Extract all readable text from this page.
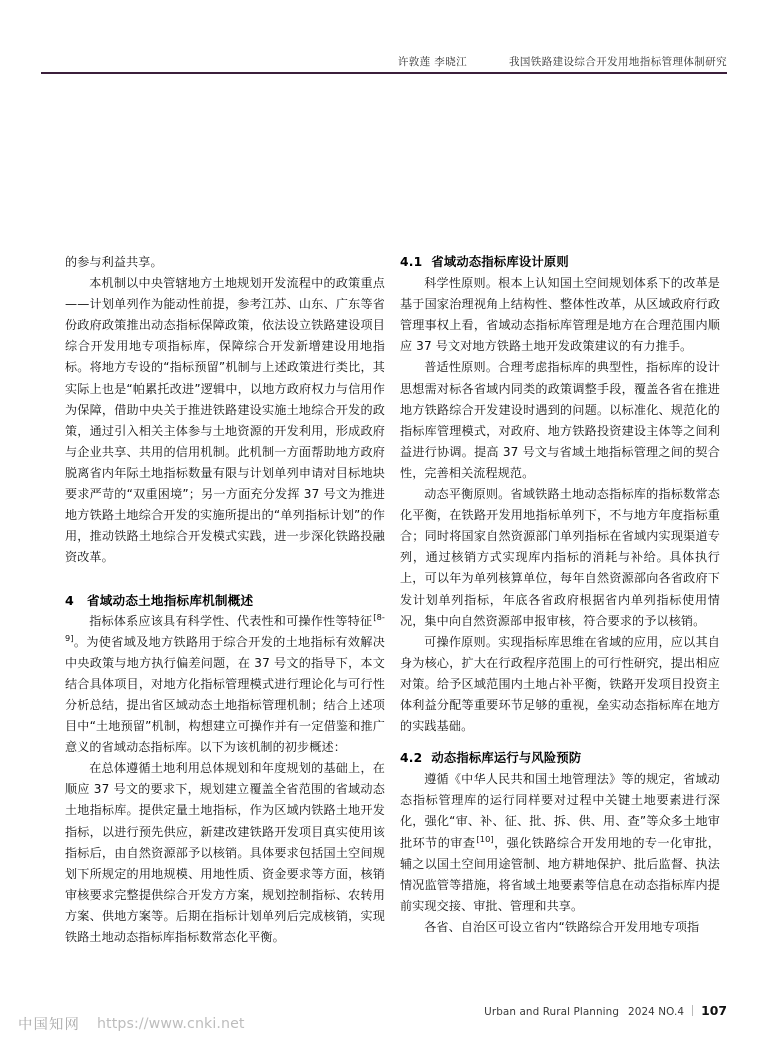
许敦莲 李晓江	我国铁路建设综合开发用地指标管理体制研究

的参与利益共享。

本机制以中央管辖地方土地规划开发流程中的政策重点——计划单列作为能动性前提，参考江苏、山东、广东等省份政府政策推出动态指标保障政策，依法设立铁路建设项目综合开发用地专项指标库，保障综合开发新增建设用地指标。将地方专设的“指标预留”机制与上述政策进行类比，其实际上也是“帕累托改进”逻辑中，以地方政府权力与信用作为保障，借助中央关于推进铁路建设实施土地综合开发的政策，通过引入相关主体参与土地资源的开发利用，形成政府与企业共享、共用的信用机制。此机制一方面帮助地方政府脱离省内年际土地指标数量有限与计划单列申请对目标地块要求严苛的“双重困境”；另一方面充分发挥 37 号文为推进地方铁路土地综合开发的实施所提出的“单列指标计划”的作用，推动铁路土地综合开发模式实践，进一步深化铁路投融资改革。

4 省域动态土地指标库机制概述

指标体系应该具有科学性、代表性和可操作性等特征[8-9]。为使省域及地方铁路用于综合开发的土地指标有效解决中央政策与地方执行偏差问题，在 37 号文的指导下，本文结合具体项目，对地方化指标管理模式进行理论化与可行性分析总结，提出省区域动态土地指标管理机制；结合上述项目中“土地预留”机制，构想建立可操作并有一定借鉴和推广意义的省域动态指标库。以下为该机制的初步概述：

在总体遵循土地利用总体规划和年度规划的基础上，在顺应 37 号文的要求下，规划建立覆盖全省范围的省域动态土地指标库。提供定量土地指标，作为区域内铁路土地开发指标，以进行预先供应，新建改建铁路开发项目真实使用该指标后，由自然资源部予以核销。具体要求包括国土空间规划下所规定的用地规模、用地性质、资金要求等方面，核销审核要求完整提供综合开发方方案，规划控制指标、农转用方案、供地方案等。后期在指标计划单列后完成核销，实现铁路土地动态指标库指标数常态化平衡。

4.1 省域动态指标库设计原则

科学性原则。根本上认知国土空间规划体系下的改革是基于国家治理视角上结构性、整体性改革，从区域政府行政管理事权上看，省域动态指标库管理是地方在合理范围内顺应 37 号文对地方铁路土地开发政策建议的有力推手。

普适性原则。合理考虑指标库的典型性，指标库的设计思想需对标各省域内同类的政策调整手段，覆盖各省在推进地方铁路综合开发建设时遇到的问题。以标准化、规范化的指标库管理模式，对政府、地方铁路投资建设主体等之间利益进行协调。提高 37 号文与省域土地指标管理之间的契合性，完善相关流程规范。

动态平衡原则。省域铁路土地动态指标库的指标数常态化平衡，在铁路开发用地指标单列下，不与地方年度指标重合；同时将国家自然资源部门单列指标在省域内实现渠道专列，通过核销方式实现库内指标的消耗与补给。具体执行上，可以年为单列核算单位，每年自然资源部向各省政府下发计划单列指标，年底各省政府根据省内单列指标使用情况，集中向自然资源部申报审核，符合要求的予以核销。

可操作原则。实现指标库思维在省域的应用，应以其自身为核心，扩大在行政程序范围上的可行性研究，提出相应对策。给予区域范围内土地占补平衡，铁路开发项目投资主体利益分配等重要环节足够的重视，垒实动态指标库在地方的实践基础。

4.2 动态指标库运行与风险预防

遵循《中华人民共和国土地管理法》等的规定，省域动态指标管理库的运行同样要对过程中关键土地要素进行深化，强化“审、补、征、批、拆、供、用、查”等众多土地审批环节的审查[10]，强化铁路综合开发用地的专一化审批，辅之以国土空间用途管制、地方耕地保护、批后监督、执法情况监管等措施，将省域土地要素等信息在动态指标库内提前实现交接、审批、管理和共享。

各省、自治区可设立省内“铁路综合开发用地专项指

Urban and Rural Planning 2024 NO.4 107
中国知网 https://www.cnki.net
